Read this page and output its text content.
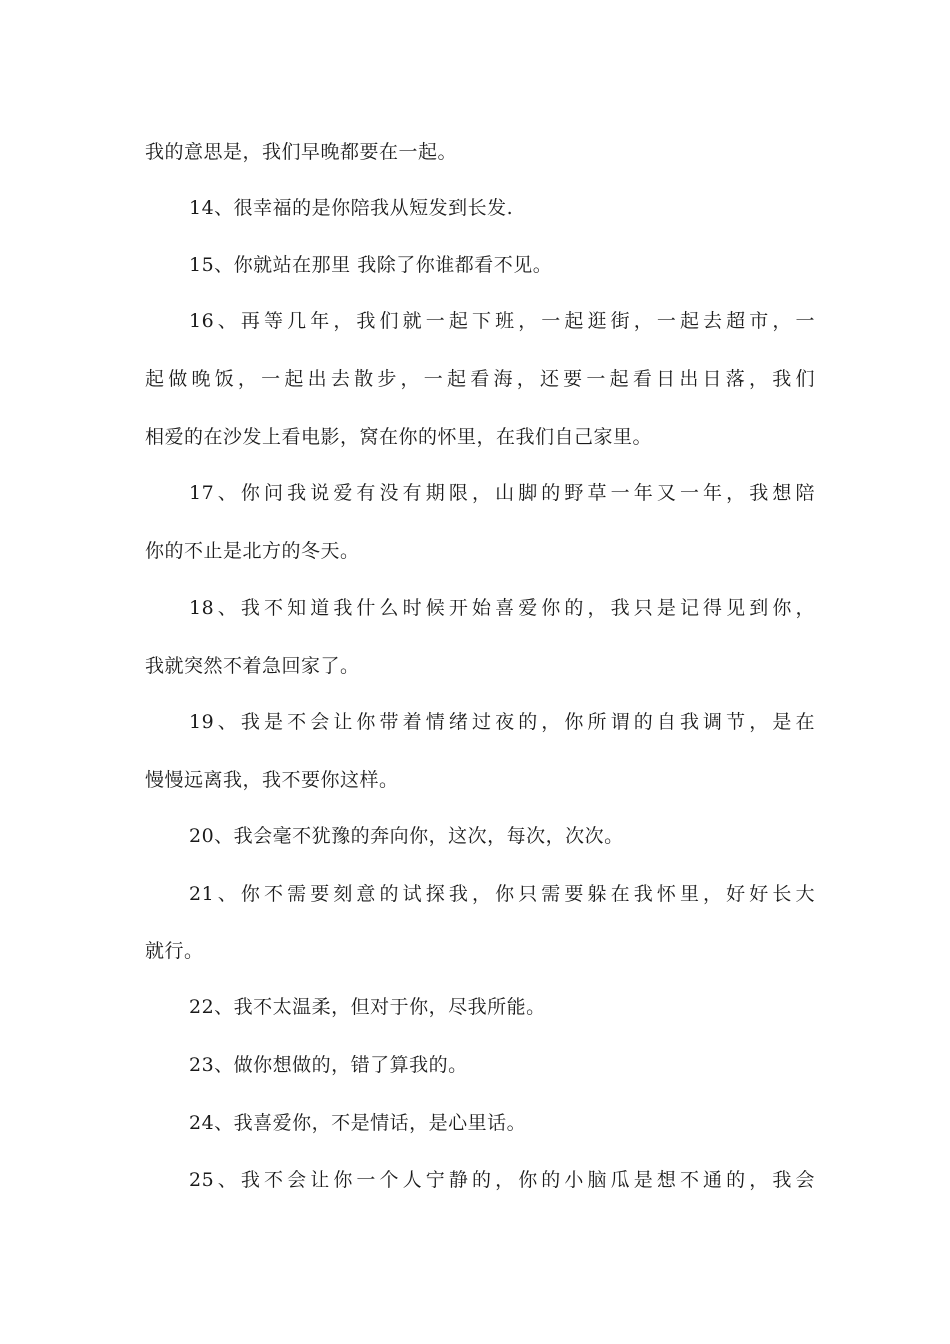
我的意思是，我们早晚都要在一起。
14、很幸福的是你陪我从短发到长发.
15、你就站在那里 我除了你谁都看不见。
16、再等几年，我们就一起下班，一起逛街，一起去超市，一
起做晚饭，一起出去散步，一起看海，还要一起看日出日落，我们
相爱的在沙发上看电影，窝在你的怀里，在我们自己家里。
17、你问我说爱有没有期限，山脚的野草一年又一年，我想陪
你的不止是北方的冬天。
18、我不知道我什么时候开始喜爱你的，我只是记得见到你，
我就突然不着急回家了。
19、我是不会让你带着情绪过夜的，你所谓的自我调节，是在
慢慢远离我，我不要你这样。
20、我会毫不犹豫的奔向你，这次，每次，次次。
21、你不需要刻意的试探我，你只需要躲在我怀里，好好长大
就行。
22、我不太温柔，但对于你，尽我所能。
23、做你想做的，错了算我的。
24、我喜爱你，不是情话，是心里话。
25、我不会让你一个人宁静的，你的小脑瓜是想不通的，我会
